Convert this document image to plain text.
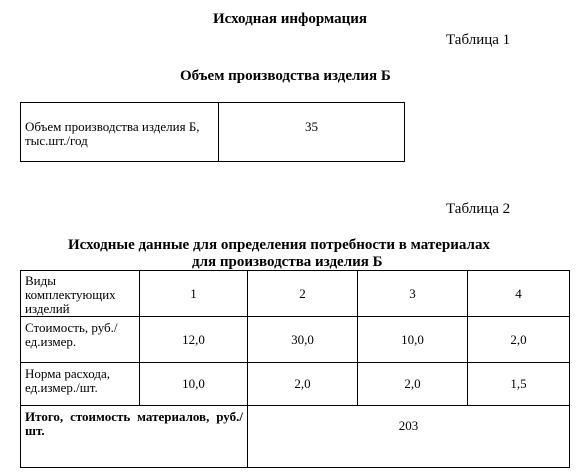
Исходная информация
Таблица 1
Объем производства изделия Б
Объем производства изделия Б, тыс.шт./год	35
Таблица 2
Исходные данные для определения потребности в материалах
для производства изделия Б
Виды комплектующих изделий	1	2	3	4
Стоимость, руб./ед.измер.	12,0	30,0	10,0	2,0
Норма расхода, ед.измер./шт.	10,0	2,0	2,0	1,5
Итого, стоимость материалов, руб./шт.		203		
